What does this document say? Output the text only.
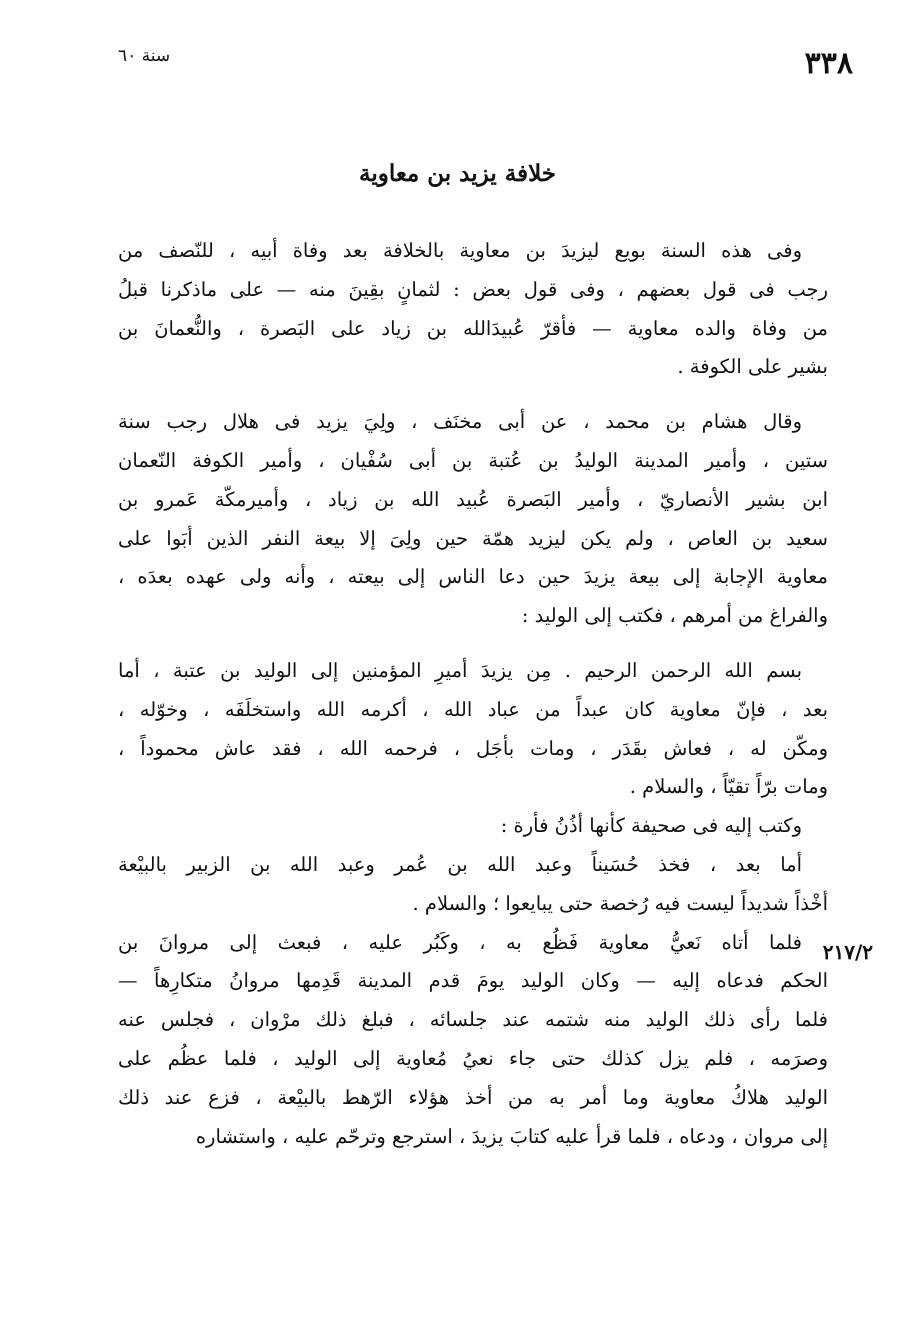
٣٣٨
سنة ٦٠
خلافة يزيد بن معاوية
٢١٧/٢
وفى هذه السنة بويع ليزيدَ بن معاوية بالخلافة بعد وفاة أبيه ، للنّصف من
رجب فى قول بعضهم ، وفى قول بعض : لثمانٍ بقِينَ منه — على ماذكرنا قبلُ
من وفاة والده معاوية — فأقرّ عُبيدَالله بن زياد على البَصرة ، والنُّعمانَ بن
بشير على الكوفة .
وقال هشام بن محمد ، عن أبى مخنَف ، ولِيَ يزيد فى هلال رجب سنة
ستين ، وأمير المدينة الوليدُ بن عُتبة بن أبى سُفْيان ، وأمير الكوفة النّعمان
ابن بشير الأنصاريّ ، وأمير البَصرة عُبيد الله بن زياد ، وأميرمكّة عَمرو بن
سعيد بن العاص ، ولم يكن ليزيد همّة حين ولِىَ إلا بيعة النفر الذين أبَوا على
معاوية الإجابة إلى بيعة يزيدَ حين دعا الناس إلى بيعته ، وأنه ولى عهده بعدَه ،
والفراغ من أمرهم ، فكتب إلى الوليد :
بسم الله الرحمن الرحيم . مِن يزيدَ أميرِ المؤمنين إلى الوليد بن عتبة ، أما
بعد ، فإنّ معاوية كان عبداً من عباد الله ، أكرمه الله واستخلَفَه ، وخوّله ،
ومكّن له ، فعاش بقَدَر ، ومات بأجَل ، فرحمه الله ، فقد عاش محموداً ،
ومات برّاً تقيّاً ، والسلام .
وكتب إليه فى صحيفة كأنها أذُنُ فأرة :
أما بعد ، فخذ حُسَيناً وعبد الله بن عُمر وعبد الله بن الزبير بالبيْعة
أخْذاً شديداً ليست فيه رُخصة حتى يبايعوا ؛ والسلام .
فلما أتاه نَعيُّ معاوية فَظُع به ، وكَبُر عليه ، فبعث إلى مروانَ بن
الحكم فدعاه إليه — وكان الوليد يومَ قدم المدينة قَدِمها مروانُ متكارِهاً —
فلما رأى ذلك الوليد منه شتمه عند جلسائه ، فبلغ ذلك مرْوان ، فجلس عنه
وصرَمه ، فلم يزل كذلك حتى جاء نعيُ مُعاوية إلى الوليد ، فلما عظُم على
الوليد هلاكُ معاوية وما أمر به من أخذ هؤلاء الرّهط بالبيْعة ، فزع عند ذلك
إلى مروان ، ودعاه ، فلما قرأ عليه كتابَ يزيدَ ، استرجع وترحّم عليه ، واستشاره
